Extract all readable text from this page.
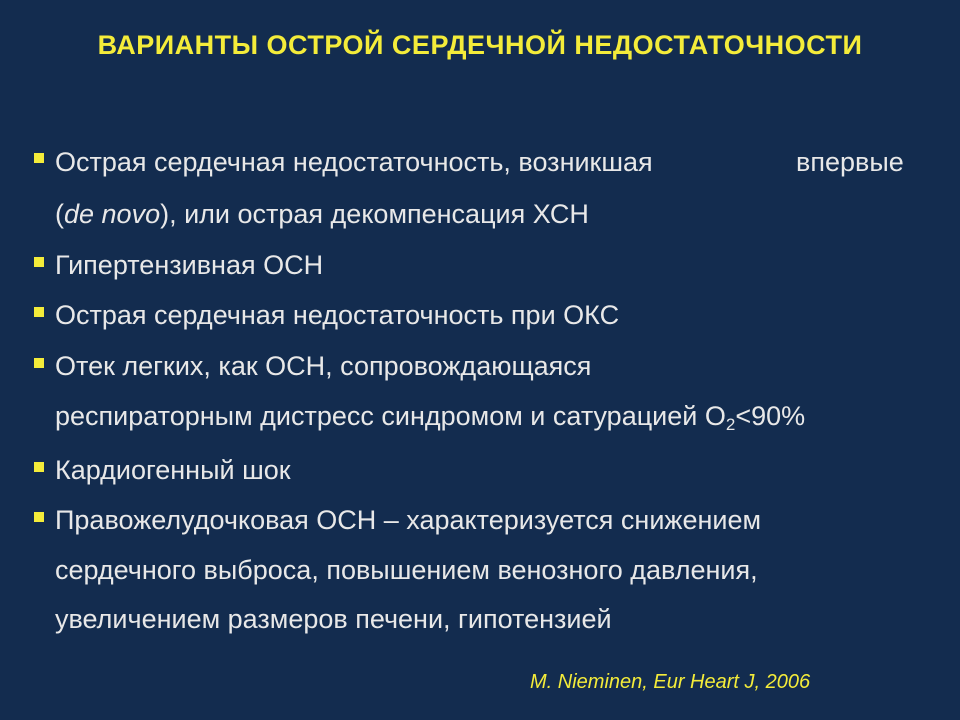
ВАРИАНТЫ ОСТРОЙ СЕРДЕЧНОЙ НЕДОСТАТОЧНОСТИ
Острая сердечная недостаточность, возникшая	впервые
(de novo), или острая декомпенсация ХСН
Гипертензивная ОСН
Острая сердечная недостаточность при ОКС
Отек легких, как ОСН, сопровождающаяся
респираторным дистресс синдромом и сатурацией $О_2<90\%$
Кардиогенный шок
Правожелудочковая ОСН – характеризуется снижением
сердечного выброса, повышением венозного давления,
увеличением размеров печени, гипотензией
M. Nieminen, Eur Heart J, 2006
